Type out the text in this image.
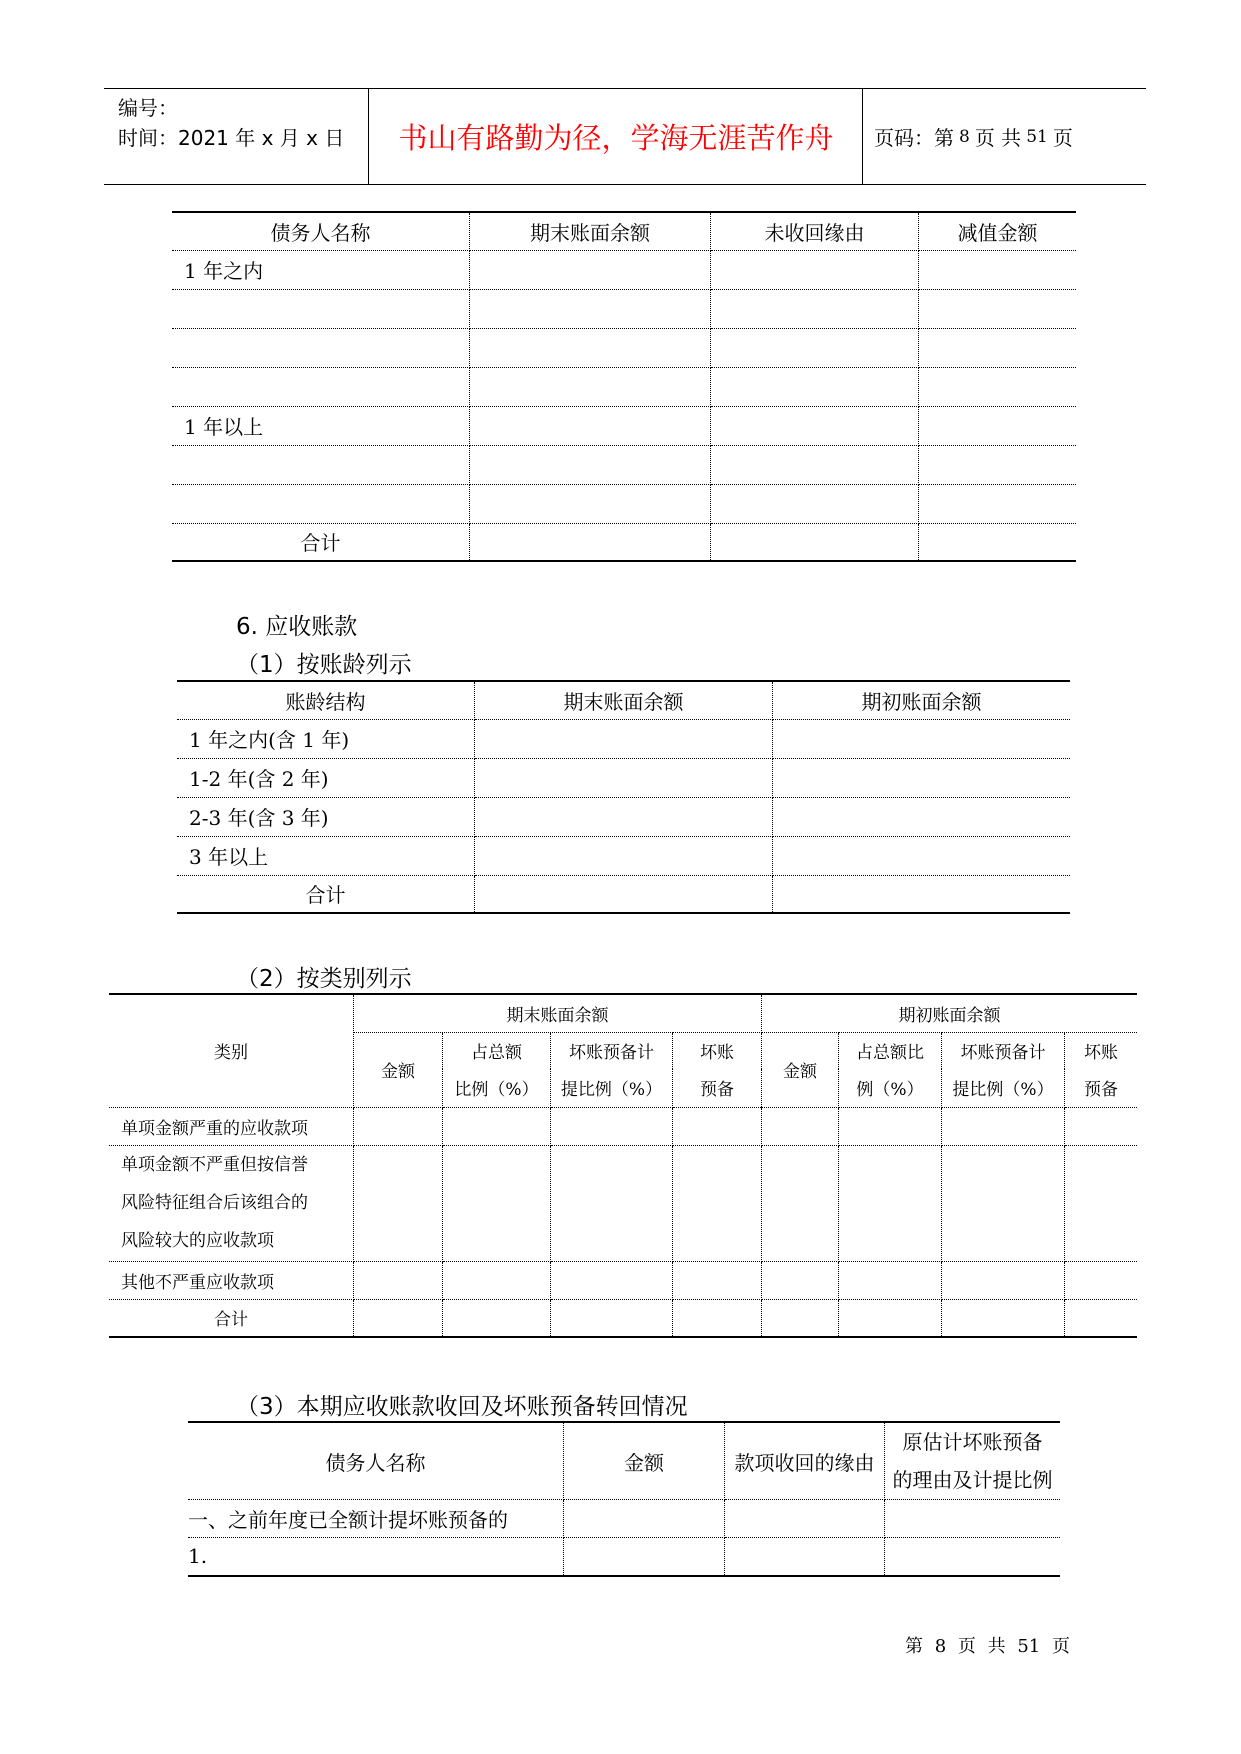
编号：
时间：2021 年 x 月 x 日	书山有路勤为径，学海无涯苦作舟	页码：第 8 页 共 51 页
债务人名称	期末账面余额	未收回缘由	减值金额
1 年之内			

1 年以上			

合计			
6. 应收账款
（1）按账龄列示
账龄结构	期末账面余额	期初账面余额
1 年之内(含 1 年)		
1-2 年(含 2 年)		
2-3 年(含 3 年)		
3 年以上		
合计		
（2）按类别列示
类别	期末账面余额				期初账面余额			
	金额	占总额	坏账预备计	坏账	金额	占总额比	坏账预备计	坏账
		比例（%）	提比例（%）	预备		例（%）	提比例（%）	预备
单项金额严重的应收款项								

单项金额不严重但按信誉
风险特征组合后该组合的
风险较大的应收款项								

其他不严重应收款项								
合计								
（3）本期应收账款收回及坏账预备转回情况
债务人名称	金额	款项收回的缘由	原估计坏账预备
的理由及计提比例

一、之前年度已全额计提坏账预备的			
1.			
第 8 页 共 51 页
